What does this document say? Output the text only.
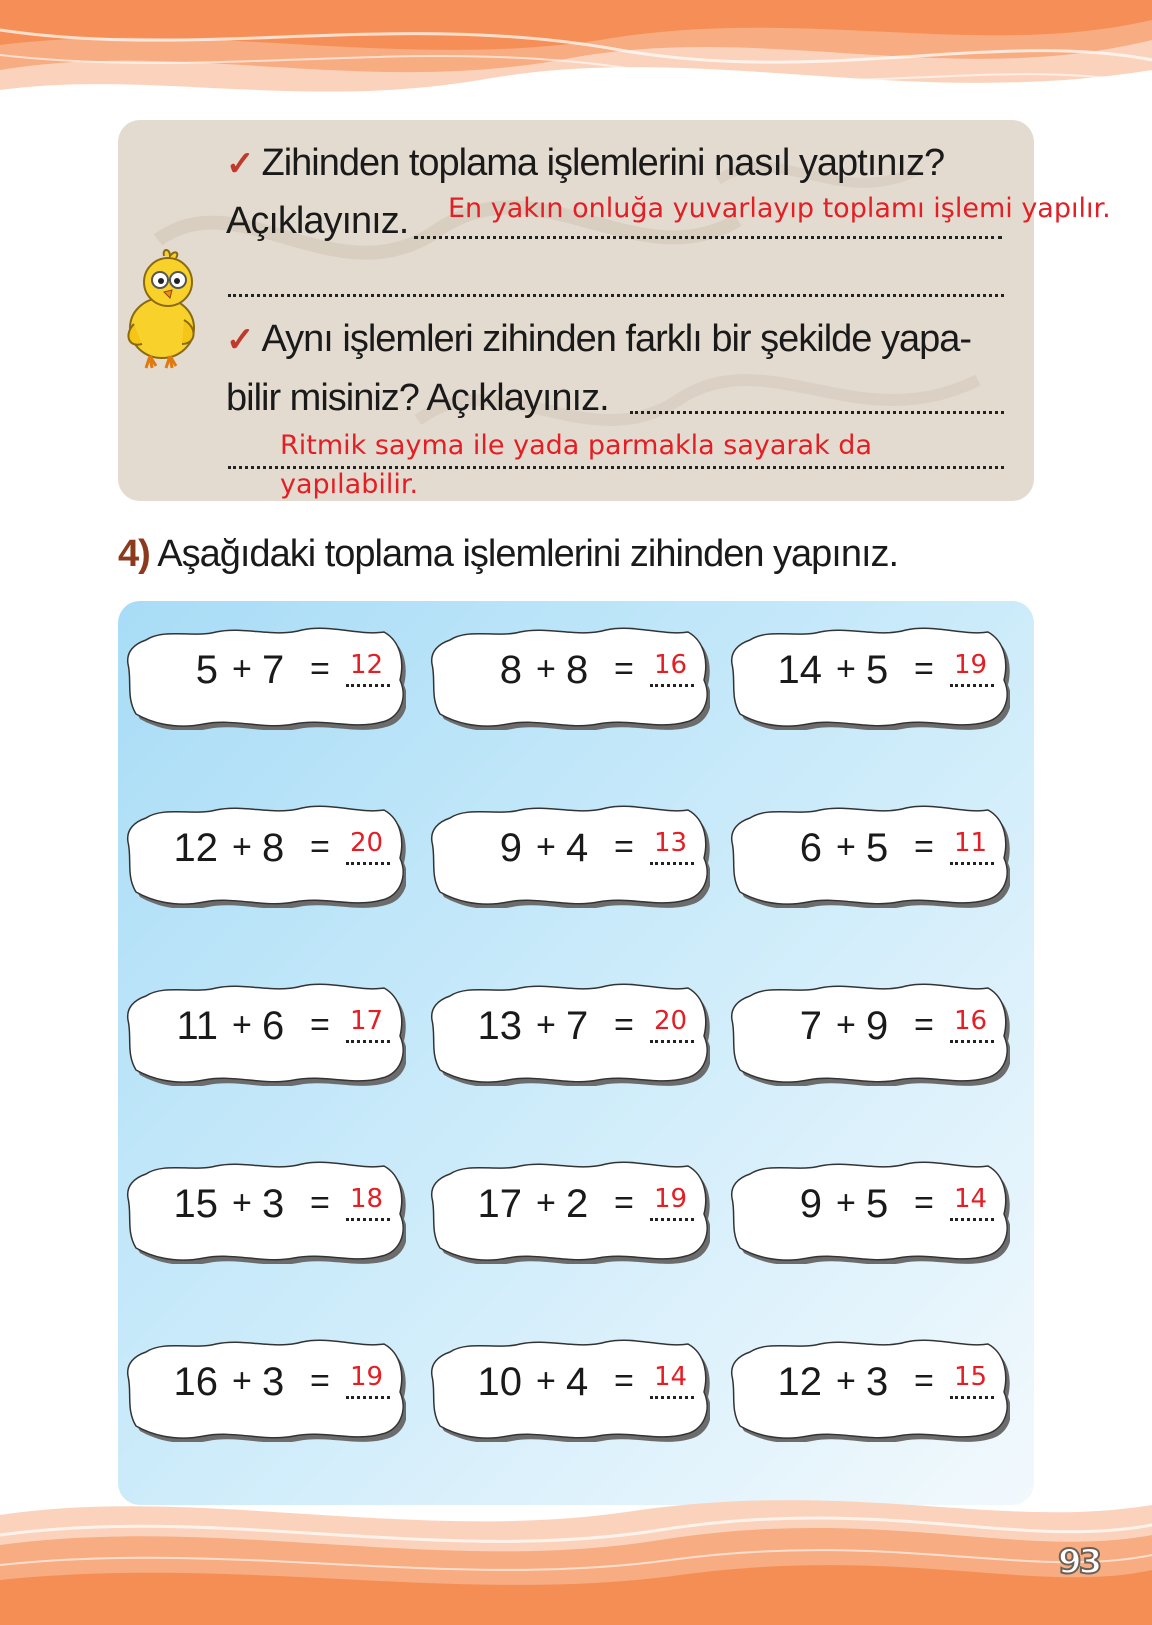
✓ Zihinden toplama işlemlerini nasıl yaptınız?
Açıklayınız. En yakın onluğa yuvarlayıp toplamı işlemi yapılır.
✓ Aynı işlemleri zihinden farklı bir şekilde yapa-
bilir misiniz? Açıklayınız.
Ritmik sayma ile yada parmakla sayarak da
yapılabilir.
4) Aşağıdaki toplama işlemlerini zihinden yapınız.
5 + 7 = 12	8 + 8 = 16	14 + 5 = 19
12 + 8 = 20	9 + 4 = 13	6 + 5 = 11
11 + 6 = 17	13 + 7 = 20	7 + 9 = 16
15 + 3 = 18	17 + 2 = 19	9 + 5 = 14
16 + 3 = 19	10 + 4 = 14	12 + 3 = 15
93
